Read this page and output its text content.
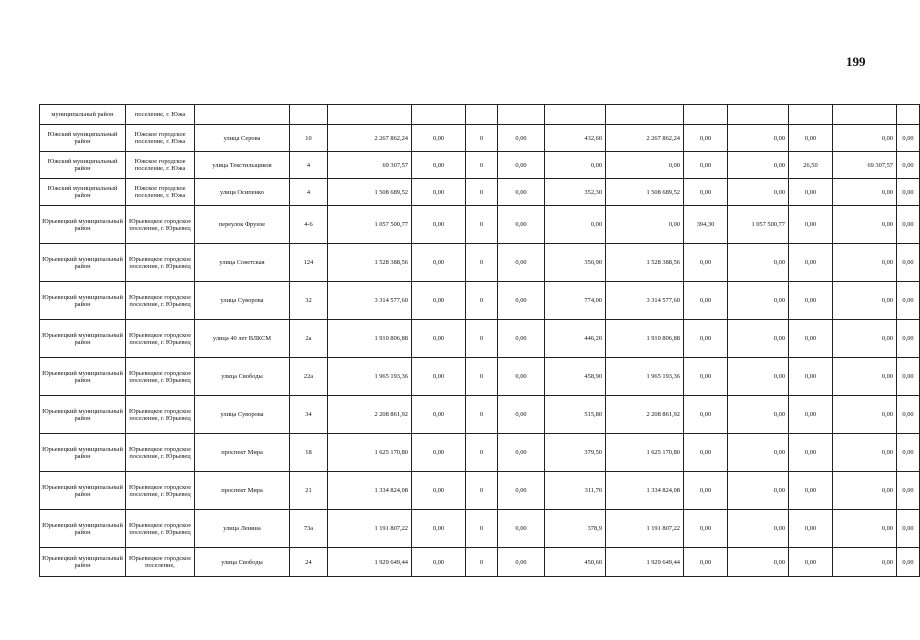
199
муниципальный район	поселение, г. Южа													
Южский муниципальный район	Южское городское поселение, г. Южа	улица Серова	10	2 267 862,24	0,00	0	0,00	432,60	2 267 862,24	0,00	0,00	0,00	0,00	0,00
Южский муниципальный район	Южское городское поселение, г. Южа	улица Текстильщиков	4	69 307,57	0,00	0	0,00	0,00	0,00	0,00	0,00	26,50	69 307,57	0,00
Южский муниципальный район	Южское городское поселение, г. Южа	улица Осипенко	4	1 508 689,52	0,00	0	0,00	352,30	1 508 689,52	0,00	0,00	0,00	0,00	0,00
Юрьевецкий муниципальный район	Юрьевецкое городское поселение, г. Юрьевец	переулок Фрунзе	4-6	1 057 500,77	0,00	0	0,00	0,00	0,00	394,30	1 057 500,77	0,00	0,00	0,00
Юрьевецкий муниципальный район	Юрьевецкое городское поселение, г. Юрьевец	улица Советская	124	1 528 388,56	0,00	0	0,00	356,90	1 528 388,56	0,00	0,00	0,00	0,00	0,00
Юрьевецкий муниципальный район	Юрьевецкое городское поселение, г. Юрьевец	улица Суворова	32	3 314 577,60	0,00	0	0,00	774,00	3 314 577,60	0,00	0,00	0,00	0,00	0,00
Юрьевецкий муниципальный район	Юрьевецкое городское поселение, г. Юрьевец	улица 40 лет ВЛКСМ	2а	1 910 806,88	0,00	0	0,00	446,20	1 910 806,88	0,00	0,00	0,00	0,00	0,00
Юрьевецкий муниципальный район	Юрьевецкое городское поселение, г. Юрьевец	улица Свободы	22а	1 965 193,36	0,00	0	0,00	458,90	1 965 193,36	0,00	0,00	0,00	0,00	0,00
Юрьевецкий муниципальный район	Юрьевецкое городское поселение, г. Юрьевец	улица Суворова	34	2 208 861,92	0,00	0	0,00	515,80	2 208 861,92	0,00	0,00	0,00	0,00	0,00
Юрьевецкий муниципальный район	Юрьевецкое городское поселение, г. Юрьевец	проспект Мира	18	1 625 170,80	0,00	0	0,00	379,50	1 625 170,80	0,00	0,00	0,00	0,00	0,00
Юрьевецкий муниципальный район	Юрьевецкое городское поселение, г. Юрьевец	проспект Мира	21	1 334 824,08	0,00	0	0,00	311,70	1 334 824,08	0,00	0,00	0,00	0,00	0,00
Юрьевецкий муниципальный район	Юрьевецкое городское поселение, г. Юрьевец	улица Ленина	73а	1 191 807,22	0,00	0	0,00	378,9	1 191 807,22	0,00	0,00	0,00	0,00	0,00
Юрьевецкий муниципальный район	Юрьевецкое городское поселение,	улица Свободы	24	1 929 649,44	0,00	0	0,00	450,60	1 929 649,44	0,00	0,00	0,00	0,00	0,00
